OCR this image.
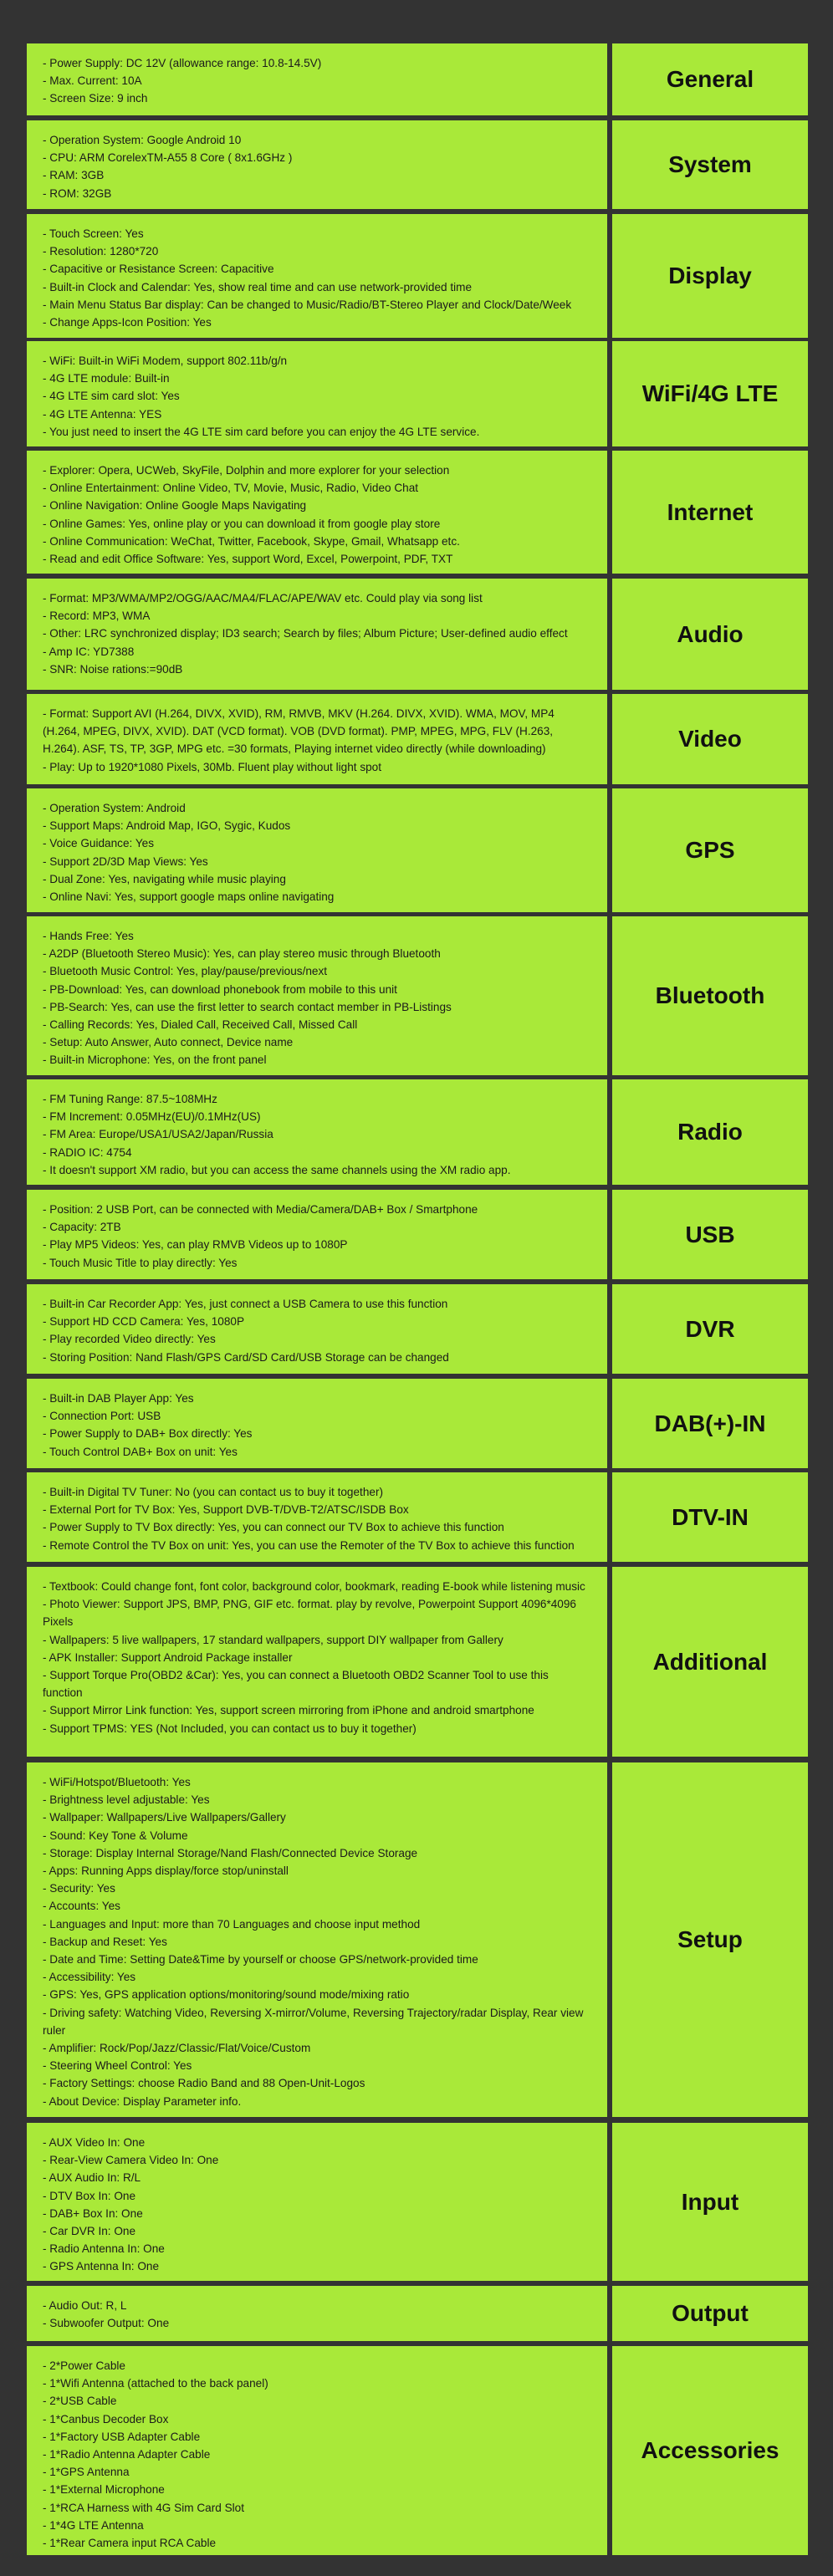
- Power Supply: DC 12V (allowance range: 10.8-14.5V)
- Max. Current: 10A
- Screen Size: 9 inch
General
- Operation System: Google Android 10
- CPU: ARM CorelexTM-A55 8 Core ( 8x1.6GHz )
- RAM: 3GB
- ROM: 32GB
System
- Touch Screen: Yes
- Resolution: 1280*720
- Capacitive or Resistance Screen: Capacitive
- Built-in Clock and Calendar: Yes, show real time and can use network-provided time
- Main Menu Status Bar display: Can be changed to Music/Radio/BT-Stereo Player and Clock/Date/Week
- Change Apps-Icon Position: Yes
Display
- WiFi: Built-in WiFi Modem, support 802.11b/g/n
- 4G LTE module: Built-in
- 4G LTE sim card slot: Yes
- 4G LTE Antenna: YES
- You just need to insert the 4G LTE sim card before you can enjoy the 4G LTE service.
WiFi/4G LTE
- Explorer: Opera, UCWeb, SkyFile, Dolphin and more explorer for your selection
- Online Entertainment: Online Video, TV, Movie, Music, Radio, Video Chat
- Online Navigation: Online Google Maps Navigating
- Online Games: Yes, online play or you can download it from google play store
- Online Communication: WeChat, Twitter, Facebook, Skype, Gmail, Whatsapp etc.
- Read and edit Office Software: Yes, support Word, Excel, Powerpoint, PDF, TXT
Internet
- Format: MP3/WMA/MP2/OGG/AAC/MA4/FLAC/APE/WAV etc. Could play via song list
- Record: MP3, WMA
- Other: LRC synchronized display; ID3 search; Search by files; Album Picture; User-defined audio effect
- Amp IC: YD7388
- SNR: Noise rations:=90dB
Audio
- Format: Support AVI (H.264, DIVX, XVID), RM, RMVB, MKV (H.264. DIVX, XVID). WMA, MOV, MP4 (H.264, MPEG, DIVX, XVID). DAT (VCD format). VOB (DVD format). PMP, MPEG, MPG, FLV (H.263, H.264). ASF, TS, TP, 3GP, MPG etc. =30 formats, Playing internet video directly (while downloading)
- Play: Up to 1920*1080 Pixels, 30Mb. Fluent play without light spot
Video
- Operation System: Android
- Support Maps: Android Map, IGO, Sygic, Kudos
- Voice Guidance: Yes
- Support 2D/3D Map Views: Yes
- Dual Zone: Yes, navigating while music playing
- Online Navi: Yes, support google maps online navigating
GPS
- Hands Free: Yes
- A2DP (Bluetooth Stereo Music): Yes, can play stereo music through Bluetooth
- Bluetooth Music Control: Yes, play/pause/previous/next
- PB-Download: Yes, can download phonebook from mobile to this unit
- PB-Search: Yes, can use the first letter to search contact member in PB-Listings
- Calling Records: Yes, Dialed Call, Received Call, Missed Call
- Setup: Auto Answer, Auto connect, Device name
- Built-in Microphone: Yes, on the front panel
Bluetooth
- FM Tuning Range: 87.5~108MHz
- FM Increment: 0.05MHz(EU)/0.1MHz(US)
- FM Area: Europe/USA1/USA2/Japan/Russia
- RADIO IC: 4754
- It doesn't support XM radio, but you can access the same channels using the XM radio app.
Radio
- Position: 2 USB Port, can be connected with Media/Camera/DAB+ Box / Smartphone
- Capacity: 2TB
- Play MP5 Videos: Yes, can play RMVB Videos up to 1080P
- Touch Music Title to play directly: Yes
USB
- Built-in Car Recorder App: Yes, just connect a USB Camera to use this function
- Support HD CCD Camera: Yes, 1080P
- Play recorded Video directly: Yes
- Storing Position: Nand Flash/GPS Card/SD Card/USB Storage can be changed
DVR
- Built-in DAB Player App: Yes
- Connection Port: USB
- Power Supply to DAB+ Box directly: Yes
- Touch Control DAB+ Box on unit: Yes
DAB(+)-IN
- Built-in Digital TV Tuner: No (you can contact us to buy it together)
- External Port for TV Box: Yes, Support DVB-T/DVB-T2/ATSC/ISDB Box
- Power Supply to TV Box directly: Yes, you can connect our TV Box to achieve this function
- Remote Control the TV Box on unit: Yes, you can use the Remoter of the TV Box to achieve this function
DTV-IN
- Textbook: Could change font, font color, background color, bookmark, reading E-book while listening music
- Photo Viewer: Support JPS, BMP, PNG, GIF etc. format. play by revolve, Powerpoint Support 4096*4096 Pixels
- Wallpapers: 5 live wallpapers, 17 standard wallpapers, support DIY wallpaper from Gallery
- APK Installer: Support Android Package installer
- Support Torque Pro(OBD2 &Car): Yes, you can connect a Bluetooth OBD2 Scanner Tool to use this function
- Support Mirror Link function: Yes, support screen mirroring from iPhone and android smartphone
- Support TPMS: YES (Not Included, you can contact us to buy it together)
Additional
- WiFi/Hotspot/Bluetooth: Yes
- Brightness level adjustable: Yes
- Wallpaper: Wallpapers/Live Wallpapers/Gallery
- Sound: Key Tone & Volume
- Storage: Display Internal Storage/Nand Flash/Connected Device Storage
- Apps: Running Apps display/force stop/uninstall
- Security: Yes
- Accounts: Yes
- Languages and Input: more than 70 Languages and choose input method
- Backup and Reset: Yes
- Date and Time: Setting Date&Time by yourself or choose GPS/network-provided time
- Accessibility: Yes
- GPS: Yes, GPS application options/monitoring/sound mode/mixing ratio
- Driving safety: Watching Video, Reversing X-mirror/Volume, Reversing Trajectory/radar Display, Rear view ruler
- Amplifier: Rock/Pop/Jazz/Classic/Flat/Voice/Custom
- Steering Wheel Control: Yes
- Factory Settings: choose Radio Band and 88 Open-Unit-Logos
- About Device: Display Parameter info.
Setup
- AUX Video In: One
- Rear-View Camera Video In: One
- AUX Audio In: R/L
- DTV Box In: One
- DAB+ Box In: One
- Car DVR In: One
- Radio Antenna In: One
- GPS Antenna In: One
Input
- Audio Out: R, L
- Subwoofer Output: One	Output
- 2*Power Cable
- 1*Wifi Antenna (attached to the back panel)
- 2*USB Cable
- 1*Canbus Decoder Box
- 1*Factory USB Adapter Cable
- 1*Radio Antenna Adapter Cable
- 1*GPS Antenna
- 1*External Microphone
- 1*RCA Harness with 4G Sim Card Slot
- 1*4G LTE Antenna
- 1*Rear Camera input RCA Cable
Accessories
